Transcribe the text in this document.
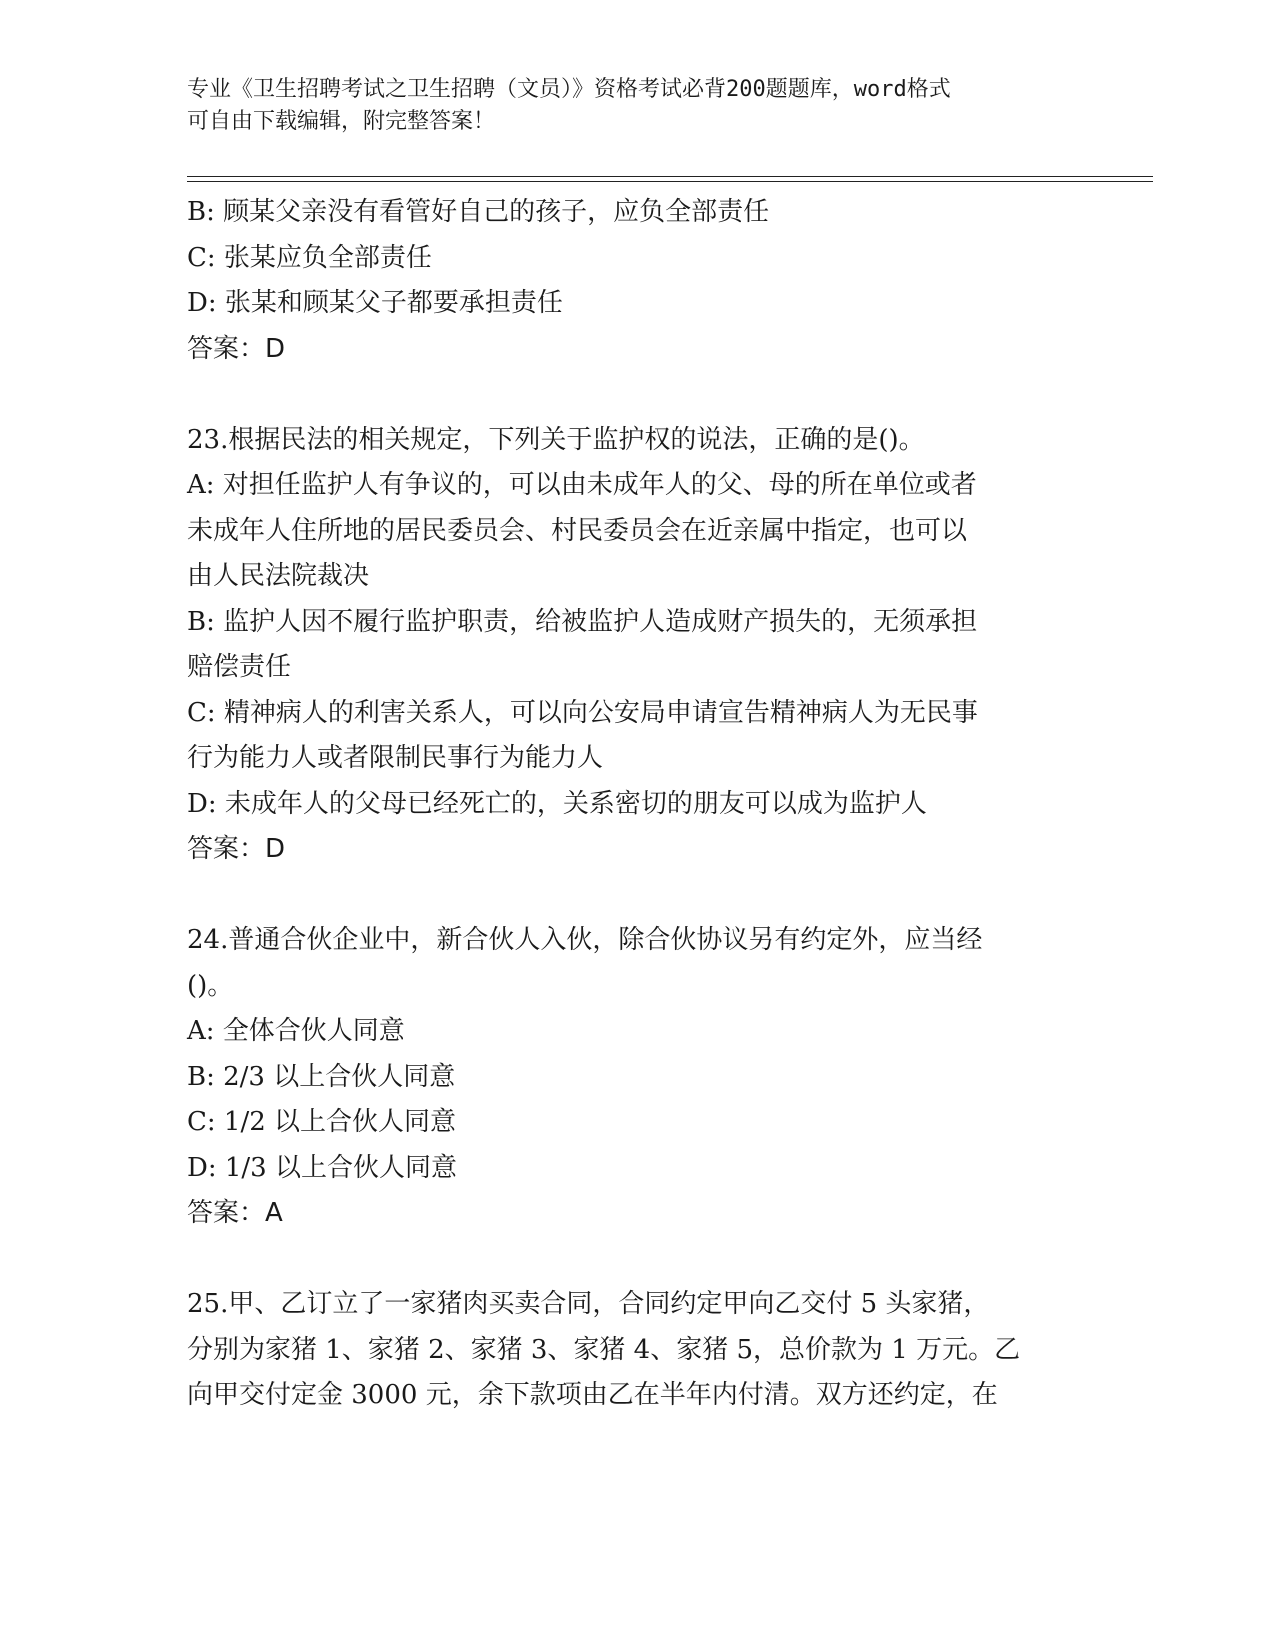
专业《卫生招聘考试之卫生招聘（文员）》资格考试必背200题题库，word格式
可自由下载编辑，附完整答案！
B: 顾某父亲没有看管好自己的孩子，应负全部责任
C: 张某应负全部责任
D: 张某和顾某父子都要承担责任
答案：D
23.根据民法的相关规定，下列关于监护权的说法，正确的是()。
A: 对担任监护人有争议的，可以由未成年人的父、母的所在单位或者
未成年人住所地的居民委员会、村民委员会在近亲属中指定，也可以
由人民法院裁决
B: 监护人因不履行监护职责，给被监护人造成财产损失的，无须承担
赔偿责任
C: 精神病人的利害关系人，可以向公安局申请宣告精神病人为无民事
行为能力人或者限制民事行为能力人
D: 未成年人的父母已经死亡的，关系密切的朋友可以成为监护人
答案：D
24.普通合伙企业中，新合伙人入伙，除合伙协议另有约定外，应当经
()。
A: 全体合伙人同意
B: 2/3 以上合伙人同意
C: 1/2 以上合伙人同意
D: 1/3 以上合伙人同意
答案：A
25.甲、乙订立了一家猪肉买卖合同，合同约定甲向乙交付 5 头家猪，
分别为家猪 1、家猪 2、家猪 3、家猪 4、家猪 5，总价款为 1 万元。乙
向甲交付定金 3000 元，余下款项由乙在半年内付清。双方还约定，在
